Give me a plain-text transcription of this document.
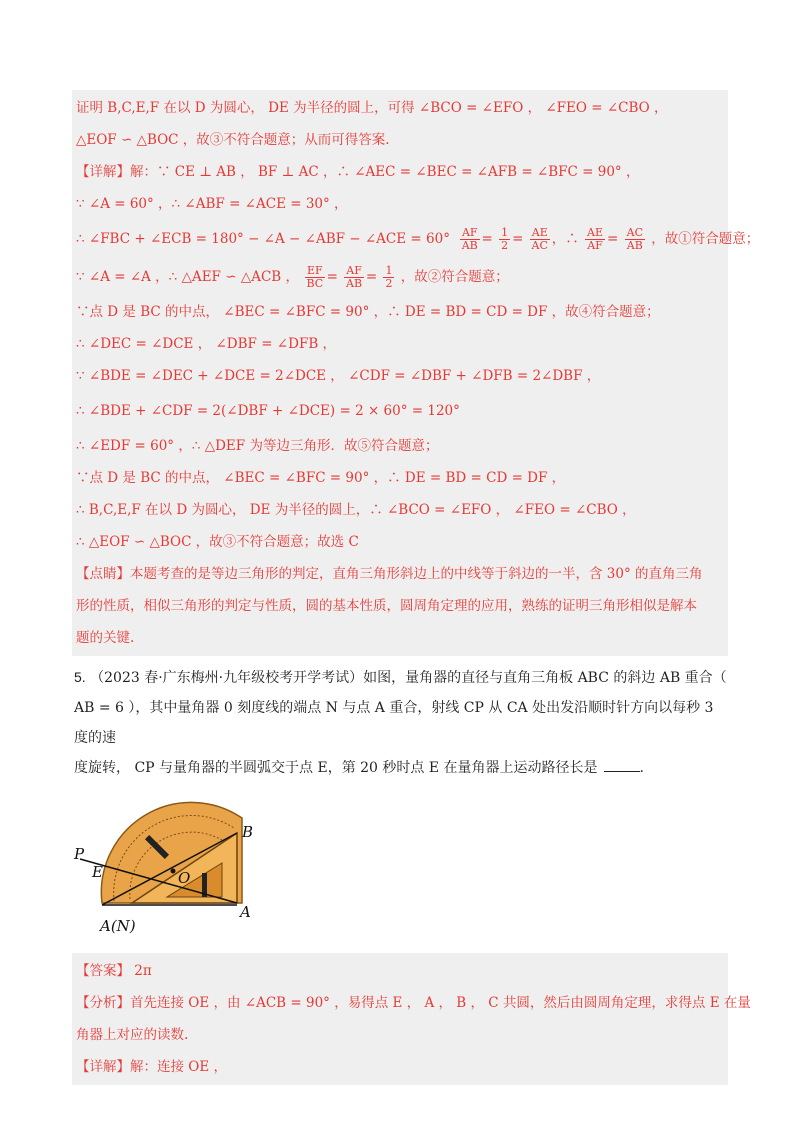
证明 B,C,E,F 在以 D 为圆心， DE 为半径的圆上，可得 ∠BCO = ∠EFO ， ∠FEO = ∠CBO ，
△EOF ∽ △BOC ，故③不符合题意；从而可得答案.
【详解】解：∵ CE ⊥ AB ， BF ⊥ AC ，∴ ∠AEC = ∠BEC = ∠AFB = ∠BFC = 90° ，
∵ ∠A = 60° ，∴ ∠ABF = ∠ACE = 30° ，
∴ ∠FBC + ∠ECB = 180° − ∠A − ∠ABF − ∠ACE = $60^\circ \frac{AF}{AB} = \frac{1}{2} = \frac{AE}{AC}$ ，∴ $\frac{AE}{AF} = \frac{AC}{AB}$ ，故①符合题意；
∵ ∠A = ∠A ，∴ △AEF ∽ △ACB ， $\frac{EF}{BC} = \frac{AF}{AB} = \frac{1}{2}$ ，故②符合题意；
∵点 D 是 BC 的中点， ∠BEC = ∠BFC = 90° ，∴ DE = BD = CD = DF ，故④符合题意；
∴ ∠DEC = ∠DCE ， ∠DBF = ∠DFB ，
∵ ∠BDE = ∠DEC + ∠DCE = 2∠DCE ， ∠CDF = ∠DBF + ∠DFB = 2∠DBF ，
∴
∠BDE + ∠CDF = 2(∠DBF + ∠DCE) = 2 × 60° = 120°
∴ ∠EDF = 60° ，∴ △DEF 为等边三角形．故⑤符合题意；
∵点 D 是 BC 的中点， ∠BEC = ∠BFC = 90° ，∴ DE = BD = CD = DF ，
∴ B,C,E,F 在以 D 为圆心， DE 为半径的圆上，∴ ∠BCO = ∠EFO ， ∠FEO = ∠CBO ，
∴ △EOF ∽ △BOC ，故③不符合题意；故选 C
【点睛】本题考查的是等边三角形的判定，直角三角形斜边上的中线等于斜边的一半，含 30° 的直角三角
形的性质，相似三角形的判定与性质，圆的基本性质，圆周角定理的应用，熟练的证明三角形相似是解本
题的关键.
5. （2023 春·广东梅州·九年级校考开学考试）如图，量角器的直径与直角三角板 ABC 的斜边 AB 重合（
AB = 6 ），其中量角器 0 刻度线的端点 N 与点 A 重合，射线 CP 从 CA 处出发沿顺时针方向以每秒 3 度的速
度旋转， CP 与量角器的半圆弧交于点 E，第 20 秒时点 E 在量角器上运动路径长是	.
B
P
E	O
A
A(N)
【答案】 2π
【分析】首先连接 OE ，由 ∠ACB = 90° ，易得点 E ， A ， B ， C 共圆，然后由圆周角定理，求得点 E 在量
角器上对应的读数.
【详解】解：连接 OE ，
